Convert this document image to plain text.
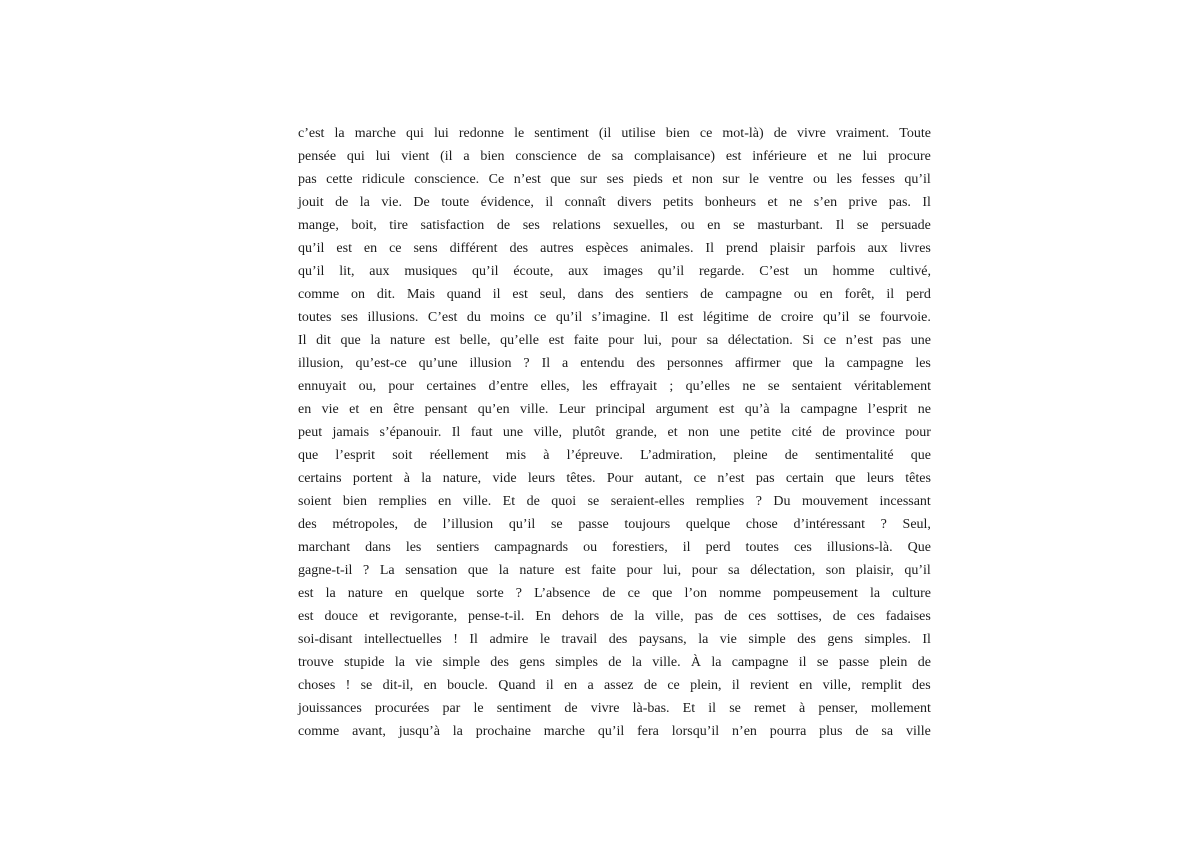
c’est la marche qui lui redonne le sentiment (il utilise bien ce mot-là) de vivre vraiment. Toute
pensée qui lui vient (il a bien conscience de sa complaisance) est inférieure et ne lui procure
pas cette ridicule conscience. Ce n’est que sur ses pieds et non sur le ventre ou les fesses qu’il
jouit de la vie. De toute évidence, il connaît divers petits bonheurs et ne s’en prive pas. Il
mange, boit, tire satisfaction de ses relations sexuelles, ou en se masturbant. Il se persuade
qu’il est en ce sens différent des autres espèces animales. Il prend plaisir parfois aux livres
qu’il lit, aux musiques qu’il écoute, aux images qu’il regarde. C’est un homme cultivé,
comme on dit. Mais quand il est seul, dans des sentiers de campagne ou en forêt, il perd
toutes ses illusions. C’est du moins ce qu’il s’imagine. Il est légitime de croire qu’il se fourvoie.
Il dit que la nature est belle, qu’elle est faite pour lui, pour sa délectation. Si ce n’est pas une
illusion, qu’est-ce qu’une illusion ? Il a entendu des personnes affirmer que la campagne les
ennuyait ou, pour certaines d’entre elles, les effrayait ; qu’elles ne se sentaient véritablement
en vie et en être pensant qu’en ville. Leur principal argument est qu’à la campagne l’esprit ne
peut jamais s’épanouir. Il faut une ville, plutôt grande, et non une petite cité de province pour
que l’esprit soit réellement mis à l’épreuve. L’admiration, pleine de sentimentalité que
certains portent à la nature, vide leurs têtes. Pour autant, ce n’est pas certain que leurs têtes
soient bien remplies en ville. Et de quoi se seraient-elles remplies ? Du mouvement incessant
des métropoles, de l’illusion qu’il se passe toujours quelque chose d’intéressant ? Seul,
marchant dans les sentiers campagnards ou forestiers, il perd toutes ces illusions-là. Que
gagne-t-il ? La sensation que la nature est faite pour lui, pour sa délectation, son plaisir, qu’il
est la nature en quelque sorte ? L’absence de ce que l’on nomme pompeusement la culture
est douce et revigorante, pense-t-il. En dehors de la ville, pas de ces sottises, de ces fadaises
soi-disant intellectuelles ! Il admire le travail des paysans, la vie simple des gens simples. Il
trouve stupide la vie simple des gens simples de la ville. À la campagne il se passe plein de
choses ! se dit-il, en boucle. Quand il en a assez de ce plein, il revient en ville, remplit des
jouissances procurées par le sentiment de vivre là-bas. Et il se remet à penser, mollement
comme avant, jusqu’à la prochaine marche qu’il fera lorsqu’il n’en pourra plus de sa ville
